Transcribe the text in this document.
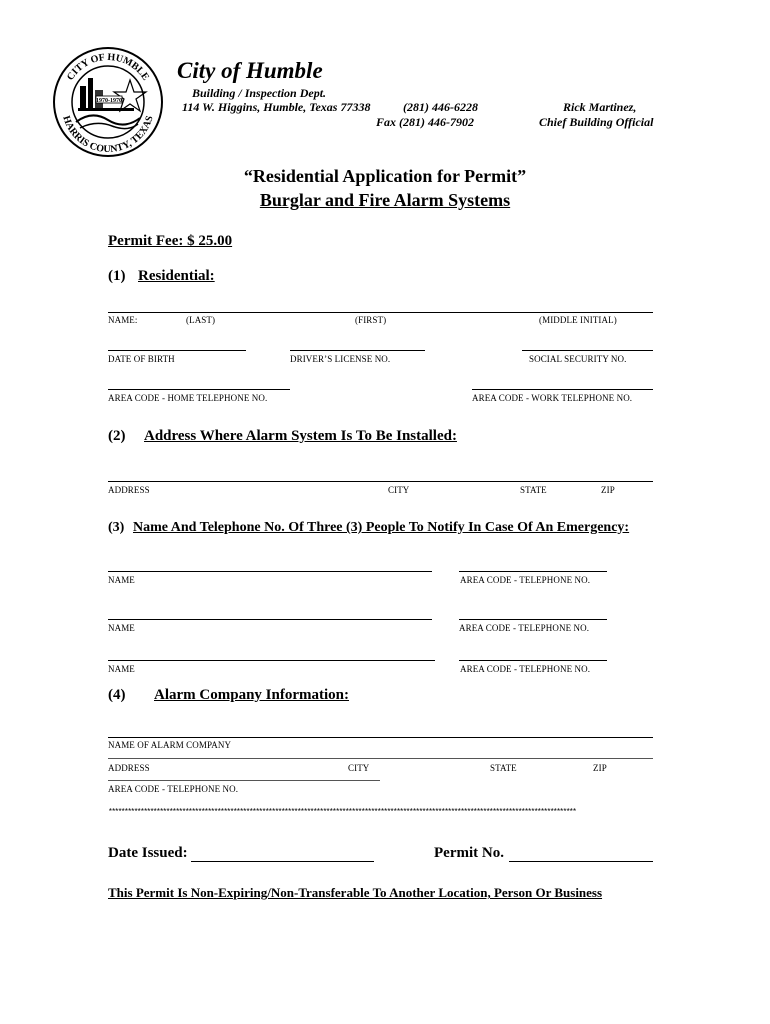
CITY OF HUMBLE
HARRIS COUNTY, TEXAS
1970-1970
City of Humble
Building / Inspection Dept.
114 W. Higgins, Humble, Texas 77338	(281) 446-6228
Fax (281) 446-7902
Rick Martinez,
Chief Building Official
“Residential Application for Permit”
Burglar and Fire Alarm Systems
Permit Fee: $ 25.00
(1) Residential:
NAME:	(LAST)	(FIRST)	(MIDDLE INITIAL)
DATE OF BIRTH	DRIVER’S LICENSE NO.	SOCIAL SECURITY NO.
AREA CODE - HOME TELEPHONE NO.	AREA CODE - WORK TELEPHONE NO.
(2) Address Where Alarm System Is To Be Installed:
ADDRESS	CITY	STATE	ZIP
(3) Name And Telephone No. Of Three (3) People To Notify In Case Of An Emergency:
NAME	AREA CODE - TELEPHONE NO.
NAME	AREA CODE - TELEPHONE NO.
NAME	AREA CODE - TELEPHONE NO.
(4) Alarm Company Information:
NAME OF ALARM COMPANY
ADDRESS	CITY	STATE	ZIP
AREA CODE - TELEPHONE NO.
**************************************************************************************************************************************************
Date Issued:	Permit No.
This Permit Is Non-Expiring/Non-Transferable To Another Location, Person Or Business
